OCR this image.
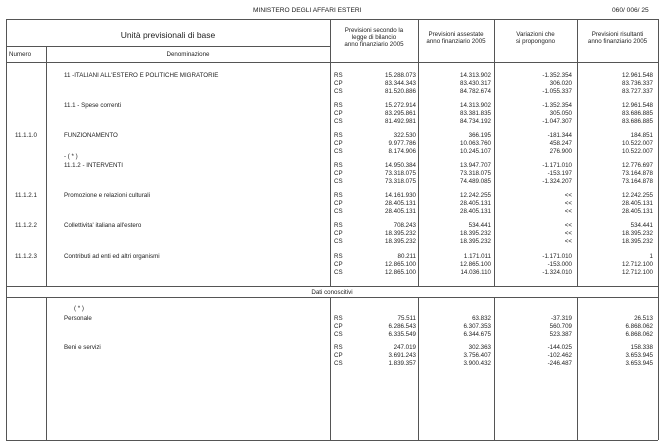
MINISTERO DEGLI AFFARI ESTERI	060/ 006/ 25
Unità previsionali di base
Numero	Denominazione
Previsioni secondo la
legge di bilancio
anno finanziario 2005
Previsioni assestate
anno finanziario 2005
Variazioni che
si propongono
Previsioni risultanti
anno finanziario 2005
11 -ITALIANI ALL'ESTERO E POLITICHE MIGRATORIE	RS	15.288.073	14.313.902	-1.352.354	12.961.548
CP	83.344.343	83.430.317	306.020	83.736.337
CS	81.520.886	84.782.674	-1.055.337	83.727.337
11.1 - Spese correnti	RS	15.272.914	14.313.902	-1.352.354	12.961.548
CP	83.295.861	83.381.835	305.050	83.686.885
CS	81.492.981	84.734.192	-1.047.307	83.686.885
11.1.1.0	FUNZIONAMENTO	RS	322.530	366.195	-181.344	184.851
CP	9.977.786	10.063.760	458.247	10.522.007
CS	8.174.906	10.245.107	276.900	10.522.007
11.1.2 - INTERVENTI	RS	14.950.384	13.947.707	-1.171.010	12.776.697
CP	73.318.075	73.318.075	-153.197	73.164.878
CS	73.318.075	74.489.085	-1.324.207	73.164.878
11.1.2.1	Promozione e relazioni culturali	RS	14.161.930	12.242.255	<<	12.242.255
CP	28.405.131	28.405.131	<<	28.405.131
CS	28.405.131	28.405.131	<<	28.405.131
11.1.2.2	Collettivita' italiana all'estero	RS	708.243	534.441	<<	534.441
CP	18.395.232	18.395.232	<<	18.395.232
CS	18.395.232	18.395.232	<<	18.395.232
11.1.2.3	Contributi ad enti ed altri organismi	RS	80.211	1.171.011	-1.171.010	1
CP	12.865.100	12.865.100	-153.000	12.712.100
CS	12.865.100	14.036.110	-1.324.010	12.712.100
- ( * )
Dati conoscitivi
( * )
Personale	RS	75.511	63.832	-37.319	26.513
CP	6.286.543	6.307.353	560.709	6.868.062
CS	6.335.549	6.344.675	523.387	6.868.062
Beni e servizi	RS	247.019	302.363	-144.025	158.338
CP	3.691.243	3.756.407	-102.462	3.653.945
CS	1.839.357	3.900.432	-246.487	3.653.945
